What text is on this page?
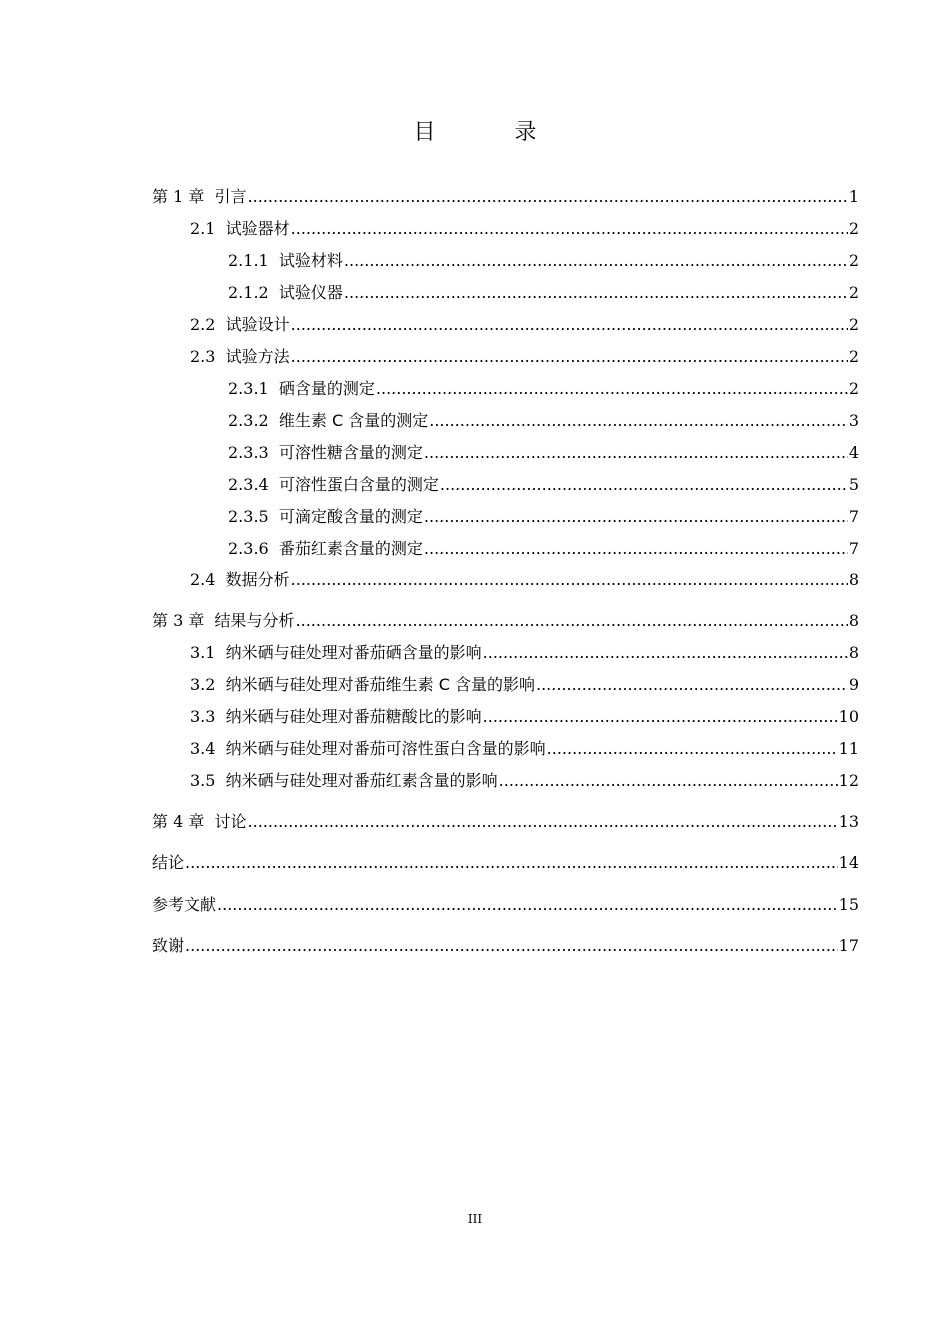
目 录
第 1 章 引言 .....	1
2.1 试验器材 .....	2
2.1.1 试验材料 .....	2
2.1.2 试验仪器 .....	2
2.2 试验设计 .....	2
2.3 试验方法 .....	2
2.3.1 硒含量的测定 .....	2
2.3.2 维生素 C 含量的测定 .....	3
2.3.3 可溶性糖含量的测定 .....	4
2.3.4 可溶性蛋白含量的测定 .....	5
2.3.5 可滴定酸含量的测定 .....	7
2.3.6 番茄红素含量的测定 .....	7
2.4 数据分析 .....	8
第 3 章 结果与分析 .....	8
3.1 纳米硒与硅处理对番茄硒含量的影响 .....	8
3.2 纳米硒与硅处理对番茄维生素 C 含量的影响 .....	9
3.3 纳米硒与硅处理对番茄糖酸比的影响 .....	10
3.4 纳米硒与硅处理对番茄可溶性蛋白含量的影响 .....	11
3.5 纳米硒与硅处理对番茄红素含量的影响 .....	12
第 4 章 讨论 .....	13
结论 .....	14
参考文献 .....	15
致谢 .....	17
III
